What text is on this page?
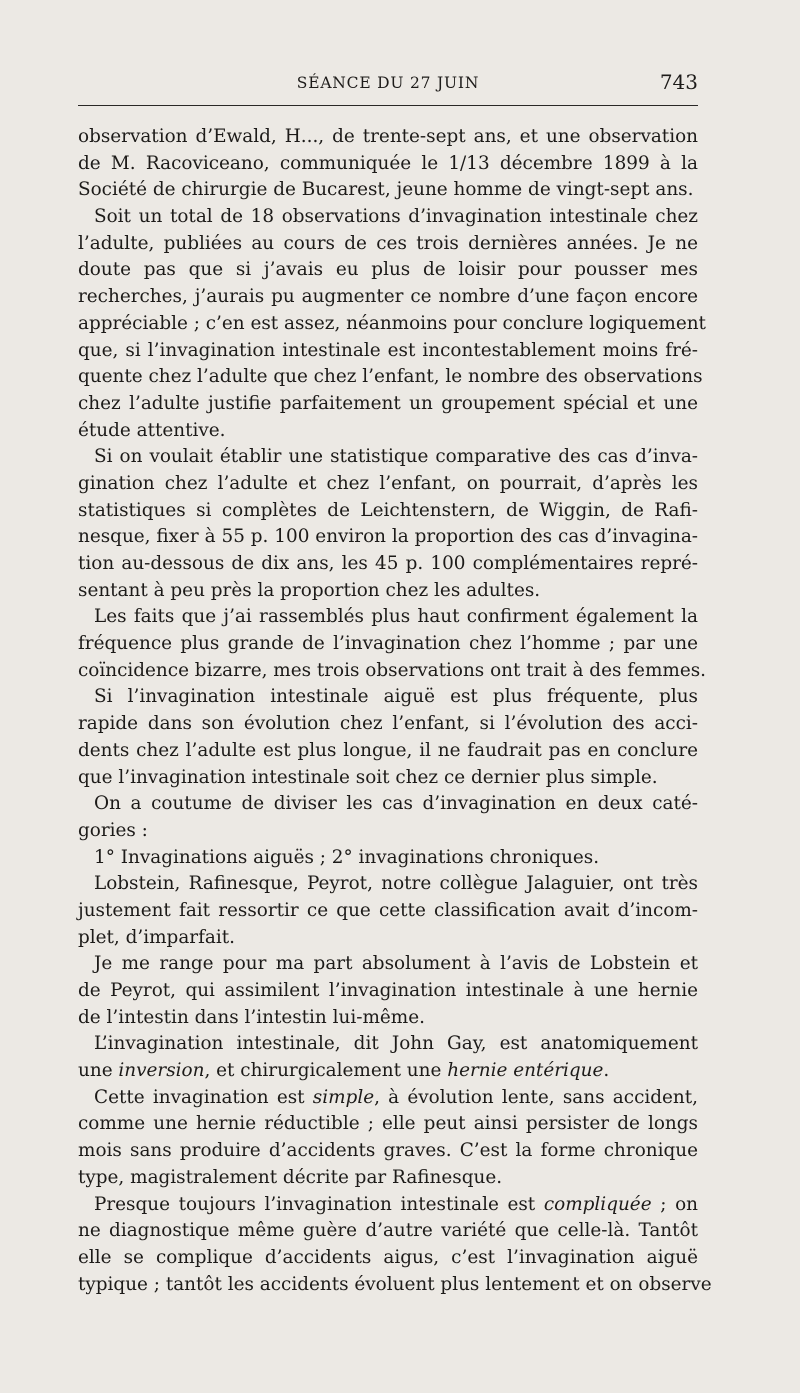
SÉANCE DU 27 JUIN	743
observation d’Ewald, H..., de trente-sept ans, et une observation
de M. Racoviceano, communiquée le 1/13 décembre 1899 à la
Société de chirurgie de Bucarest, jeune homme de vingt-sept ans.
Soit un total de 18 observations d’invagination intestinale chez
l’adulte, publiées au cours de ces trois dernières années. Je ne
doute pas que si j’avais eu plus de loisir pour pousser mes
recherches, j’aurais pu augmenter ce nombre d’une façon encore
appréciable ; c’en est assez, néanmoins pour conclure logiquement
que, si l’invagination intestinale est incontestablement moins fré-
quente chez l’adulte que chez l’enfant, le nombre des observations
chez l’adulte justifie parfaitement un groupement spécial et une
étude attentive.
Si on voulait établir une statistique comparative des cas d’inva-
gination chez l’adulte et chez l’enfant, on pourrait, d’après les
statistiques si complètes de Leichtenstern, de Wiggin, de Rafi-
nesque, fixer à 55 p. 100 environ la proportion des cas d’invagina-
tion au-dessous de dix ans, les 45 p. 100 complémentaires repré-
sentant à peu près la proportion chez les adultes.
Les faits que j’ai rassemblés plus haut confirment également la
fréquence plus grande de l’invagination chez l’homme ; par une
coïncidence bizarre, mes trois observations ont trait à des femmes.
Si l’invagination intestinale aiguë est plus fréquente, plus
rapide dans son évolution chez l’enfant, si l’évolution des acci-
dents chez l’adulte est plus longue, il ne faudrait pas en conclure
que l’invagination intestinale soit chez ce dernier plus simple.
On a coutume de diviser les cas d’invagination en deux caté-
gories :
1° Invaginations aiguës ; 2° invaginations chroniques.
Lobstein, Rafinesque, Peyrot, notre collègue Jalaguier, ont très
justement fait ressortir ce que cette classification avait d’incom-
plet, d’imparfait.
Je me range pour ma part absolument à l’avis de Lobstein et
de Peyrot, qui assimilent l’invagination intestinale à une hernie
de l’intestin dans l’intestin lui-même.
L’invagination intestinale, dit John Gay, est anatomiquement
une inversion, et chirurgicalement une hernie entérique.
Cette invagination est simple, à évolution lente, sans accident,
comme une hernie réductible ; elle peut ainsi persister de longs
mois sans produire d’accidents graves. C’est la forme chronique
type, magistralement décrite par Rafinesque.
Presque toujours l’invagination intestinale est compliquée ; on
ne diagnostique même guère d’autre variété que celle-là. Tantôt
elle se complique d’accidents aigus, c’est l’invagination aiguë
typique ; tantôt les accidents évoluent plus lentement et on observe
